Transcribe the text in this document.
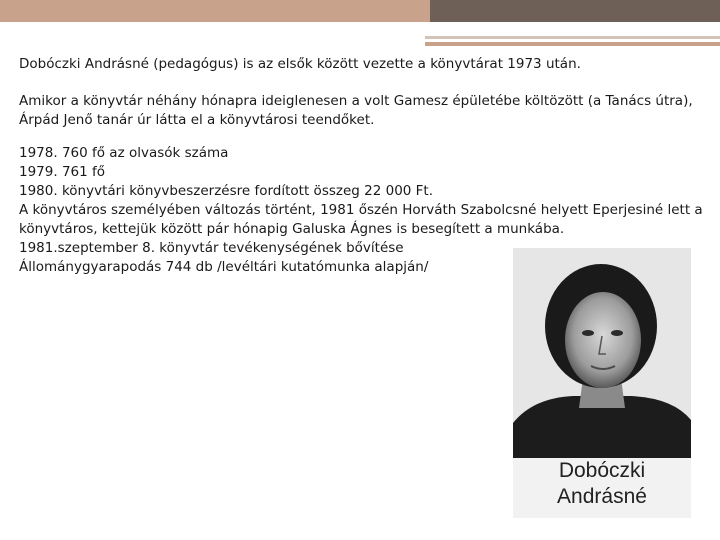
Dobóczki Andrásné (pedagógus) is az elsők között vezette a könyvtárat 1973 után.

Amikor a könyvtár néhány hónapra ideiglenesen a volt Gamesz épületébe költözött (a Tanács útra), Árpád Jenő tanár úr látta el a könyvtárosi teendőket.

1978. 760 fő az olvasók száma

1979. 761 fő

1980. könyvtári könyvbeszerzésre fordított összeg 22 000 Ft.

A könyvtáros személyében változás történt, 1981 őszén Horváth Szabolcsné helyett Eperjesiné lett a könyvtáros, kettejük között pár hónapig Galuska Ágnes is besegített a munkába.

1981.szeptember 8. könyvtár tevékenységének bővítése

Állománygyarapodás 744 db /levéltári kutatómunka alapján/

Dobóczki
Andrásné
